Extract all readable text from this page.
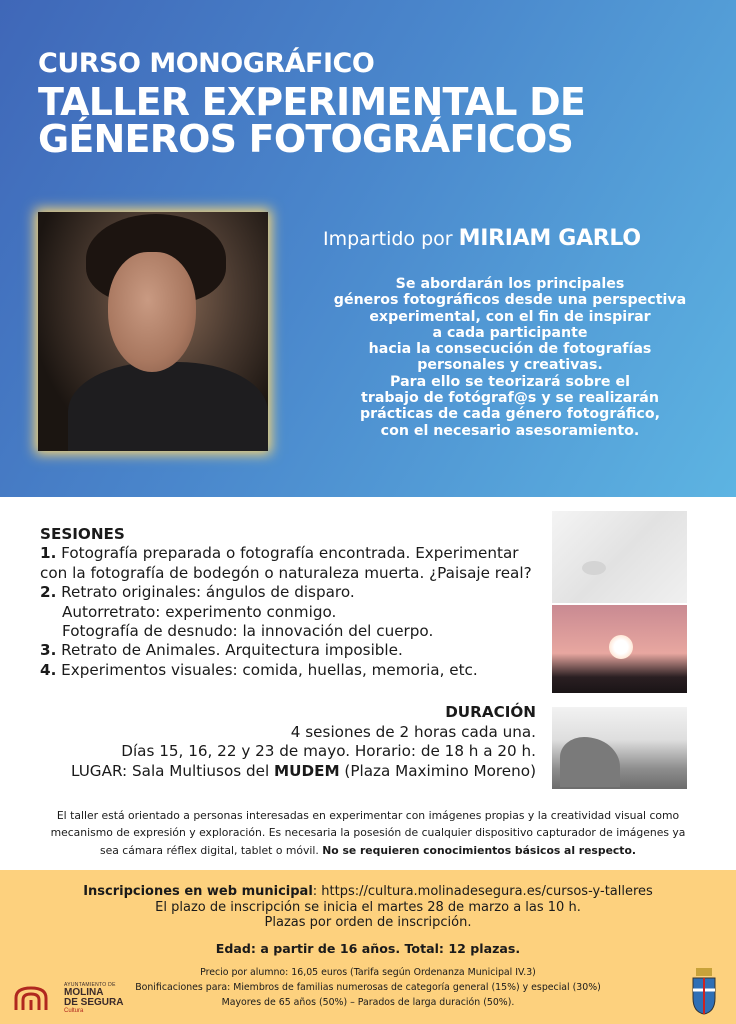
CURSO MONOGRÁFICO
TALLER EXPERIMENTAL DE
GÉNEROS FOTOGRÁFICOS
Impartido por MIRIAM GARLO
Se abordarán los principales
géneros fotográficos desde una perspectiva
experimental, con el fin de inspirar
a cada participante
hacia la consecución de fotografías
personales y creativas.
Para ello se teorizará sobre el
trabajo de fotógraf@s y se realizarán
prácticas de cada género fotográfico,
con el necesario asesoramiento.
SESIONES
1. Fotografía preparada o fotografía encontrada. Experimentar con la fotografía de bodegón o naturaleza muerta. ¿Paisaje real?
2. Retrato originales: ángulos de disparo.
Autorretrato: experimento conmigo.
Fotografía de desnudo: la innovación del cuerpo.
3. Retrato de Animales. Arquitectura imposible.
4. Experimentos visuales: comida, huellas, memoria, etc.
DURACIÓN
4 sesiones de 2 horas cada una.
Días 15, 16, 22 y 23 de mayo. Horario: de 18 h a 20 h.
LUGAR: Sala Multiusos del MUDEM (Plaza Maximino Moreno)
El taller está orientado a personas interesadas en experimentar con imágenes propias y la creatividad visual como mecanismo de expresión y exploración. Es necesaria la posesión de cualquier dispositivo capturador de imágenes ya sea cámara réflex digital, tablet o móvil. No se requieren conocimientos básicos al respecto.
Inscripciones en web municipal: https://cultura.molinadesegura.es/cursos-y-talleres
El plazo de inscripción se inicia el martes 28 de marzo a las 10 h.
Plazas por orden de inscripción.
Edad: a partir de 16 años. Total: 12 plazas.
Precio por alumno: 16,05 euros (Tarifa según Ordenanza Municipal IV.3)
Bonificaciones para: Miembros de familias numerosas de categoría general (15%) y especial (30%)
Mayores de 65 años (50%) – Parados de larga duración (50%).
AYUNTAMIENTO DE
MOLINA
DE SEGURA
Cultura
